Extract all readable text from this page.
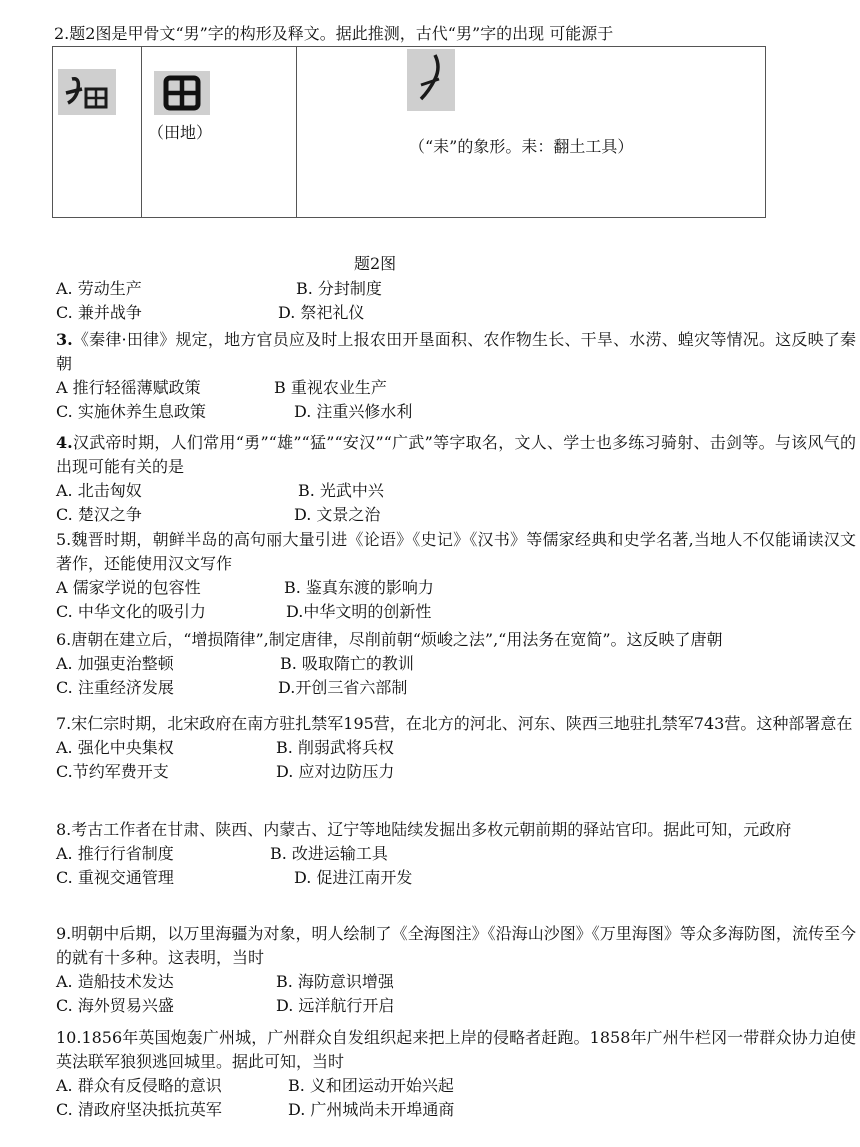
2.题2图是甲骨文“男”字的构形及释文。据此推测，古代“男”字的出现 可能源于

（田地）

（“耒”的象形。耒：翻土工具）
题2图
A. 劳动生产	B. 分封制度
C. 兼并战争	D. 祭祀礼仪
3.《秦律·田律》规定，地方官员应及时上报农田开垦面积、农作物生长、干旱、水涝、蝗灾等情况。这反映了秦朝
A 推行轻徭薄赋政策	B 重视农业生产
C. 实施休养生息政策	D. 注重兴修水利
4.汉武帝时期，人们常用“勇”“雄”“猛”“安汉”“广武”等字取名，文人、学士也多练习骑射、击剑等。与该风气的出现可能有关的是
A. 北击匈奴	B. 光武中兴
C. 楚汉之争	D. 文景之治
5.魏晋时期，朝鲜半岛的高句丽大量引进《论语》《史记》《汉书》等儒家经典和史学名著,当地人不仅能诵读汉文著作，还能使用汉文写作
A 儒家学说的包容性	B. 鉴真东渡的影响力
C. 中华文化的吸引力	D.中华文明的创新性
6.唐朝在建立后，“增损隋律”,制定唐律，尽削前朝“烦峻之法”,“用法务在宽简”。这反映了唐朝
A. 加强吏治整顿	B. 吸取隋亡的教训
C. 注重经济发展	D.开创三省六部制
7.宋仁宗时期，北宋政府在南方驻扎禁军195营，在北方的河北、河东、陕西三地驻扎禁军743营。这种部署意在
A. 强化中央集权	B. 削弱武将兵权
C.节约军费开支	D. 应对边防压力
8.考古工作者在甘肃、陕西、内蒙古、辽宁等地陆续发掘出多枚元朝前期的驿站官印。据此可知，元政府
A. 推行行省制度	B. 改进运输工具
C. 重视交通管理	D. 促进江南开发
9.明朝中后期，以万里海疆为对象，明人绘制了《全海图注》《沿海山沙图》《万里海图》等众多海防图，流传至今的就有十多种。这表明，当时
A. 造船技术发达	B. 海防意识增强
C. 海外贸易兴盛	D. 远洋航行开启
10.1856年英国炮轰广州城，广州群众自发组织起来把上岸的侵略者赶跑。1858年广州牛栏冈一带群众协力迫使英法联军狼狈逃回城里。据此可知，当时
A. 群众有反侵略的意识	B. 义和团运动开始兴起
C. 清政府坚决抵抗英军	D. 广州城尚未开埠通商
